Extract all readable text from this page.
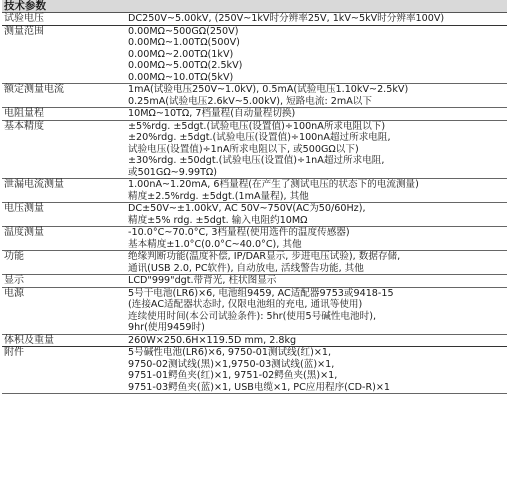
技术参数
试验电压	DC250V~5.00kV, (250V~1kV时分辨率25V, 1kV~5kV时分辨率100V)
测量范围	0.00MΩ~500GΩ(250V)
0.00MΩ~1.00TΩ(500V)
0.00MΩ~2.00TΩ(1kV)
0.00MΩ~5.00TΩ(2.5kV)
0.00MΩ~10.0TΩ(5kV)
额定测量电流	1mA(试验电压250V~1.0kV), 0.5mA(试验电压1.10kV~2.5kV)
0.25mA(试验电压2.6kV~5.00kV), 短路电流: 2mA以下
电阻量程	10MΩ~10TΩ, 7档量程(自动量程切换)
基本精度	±5%rdg. ±5dgt.(试验电压(设置值)÷100nA所求电阻以下)
±20%rdg. ±5dgt.(试验电压(设置值)÷100nA超过所求电阻,
试验电压(设置值)÷1nA所求电阻以下, 或500GΩ以下)
±30%rdg. ±50dgt.(试验电压(设置值)÷1nA超过所求电阻,
或501GΩ~9.99TΩ)
泄漏电流测量	1.00nA~1.20mA, 6档量程(在产生了测试电压的状态下的电流测量)
精度±2.5%rdg. ±5dgt.(1mA量程), 其他
电压测量	DC±50V~±1.00kV, AC 50V~750V(AC为50/60Hz),
精度±5% rdg. ±5dgt. 输入电阻约10MΩ
温度测量	-10.0°C~70.0°C, 3档量程(使用选件的温度传感器)
基本精度±1.0°C(0.0°C~40.0°C), 其他
功能	绝缘判断功能(温度补偿, IP/DAR显示, 步进电压试验), 数据存储,
通讯(USB 2.0, PC软件), 自动放电, 活线警告功能, 其他
显示	LCD"999"dgt.带背光, 柱状图显示
电源	5号干电池(LR6)×6, 电池组9459, AC适配器9753或9418-15
(连接AC适配器状态时, 仅限电池组的充电, 通讯等使用)
连续使用时间(本公司试验条件): 5hr(使用5号碱性电池时),
9hr(使用9459时)
体积及重量	260W×250.6H×119.5D mm, 2.8kg
附件	5号碱性电池(LR6)×6, 9750-01测试线(红)×1,
9750-02测试线(黑)×1,9750-03测试线(蓝)×1,
9751-01鳄鱼夹(红)×1, 9751-02鳄鱼夹(黑)×1,
9751-03鳄鱼夹(蓝)×1, USB电缆×1, PC应用程序(CD-R)×1
